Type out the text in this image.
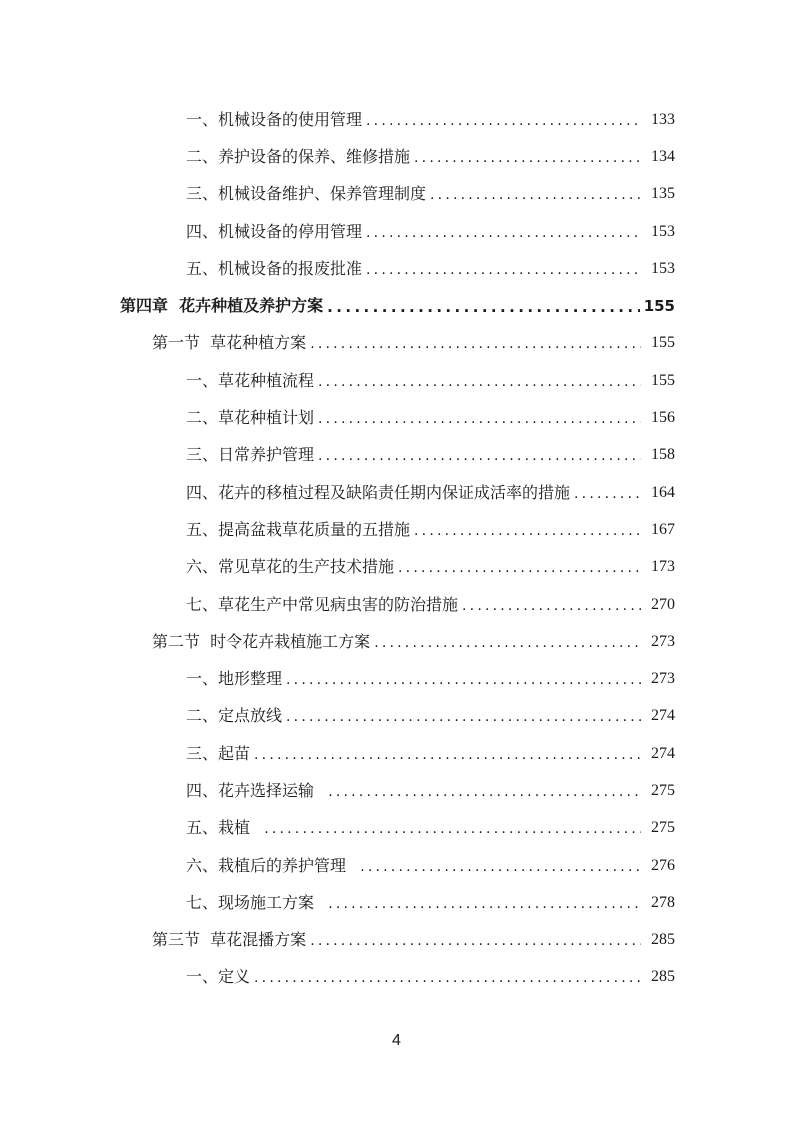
一、机械设备的使用管理 .....	133
二、养护设备的保养、维修措施 .....	134
三、机械设备维护、保养管理制度 .....	135
四、机械设备的停用管理 .....	153
五、机械设备的报废批准 .....	153
第四章  花卉种植及养护方案 .....	155
第一节  草花种植方案 .....	155
一、草花种植流程 .....	155
二、草花种植计划 .....	156
三、日常养护管理 .....	158
四、花卉的移植过程及缺陷责任期内保证成活率的措施 .....	164
五、提高盆栽草花质量的五措施 .....	167
六、常见草花的生产技术措施 .....	173
七、草花生产中常见病虫害的防治措施 .....	270
第二节  时令花卉栽植施工方案 .....	273
一、地形整理 .....	273
二、定点放线 .....	274
三、起苗 .....	274
四、花卉选择运输 .....	275
五、栽植 .....	275
六、栽植后的养护管理 .....	276
七、现场施工方案 .....	278
第三节  草花混播方案 .....	285
一、定义 .....	285
4
